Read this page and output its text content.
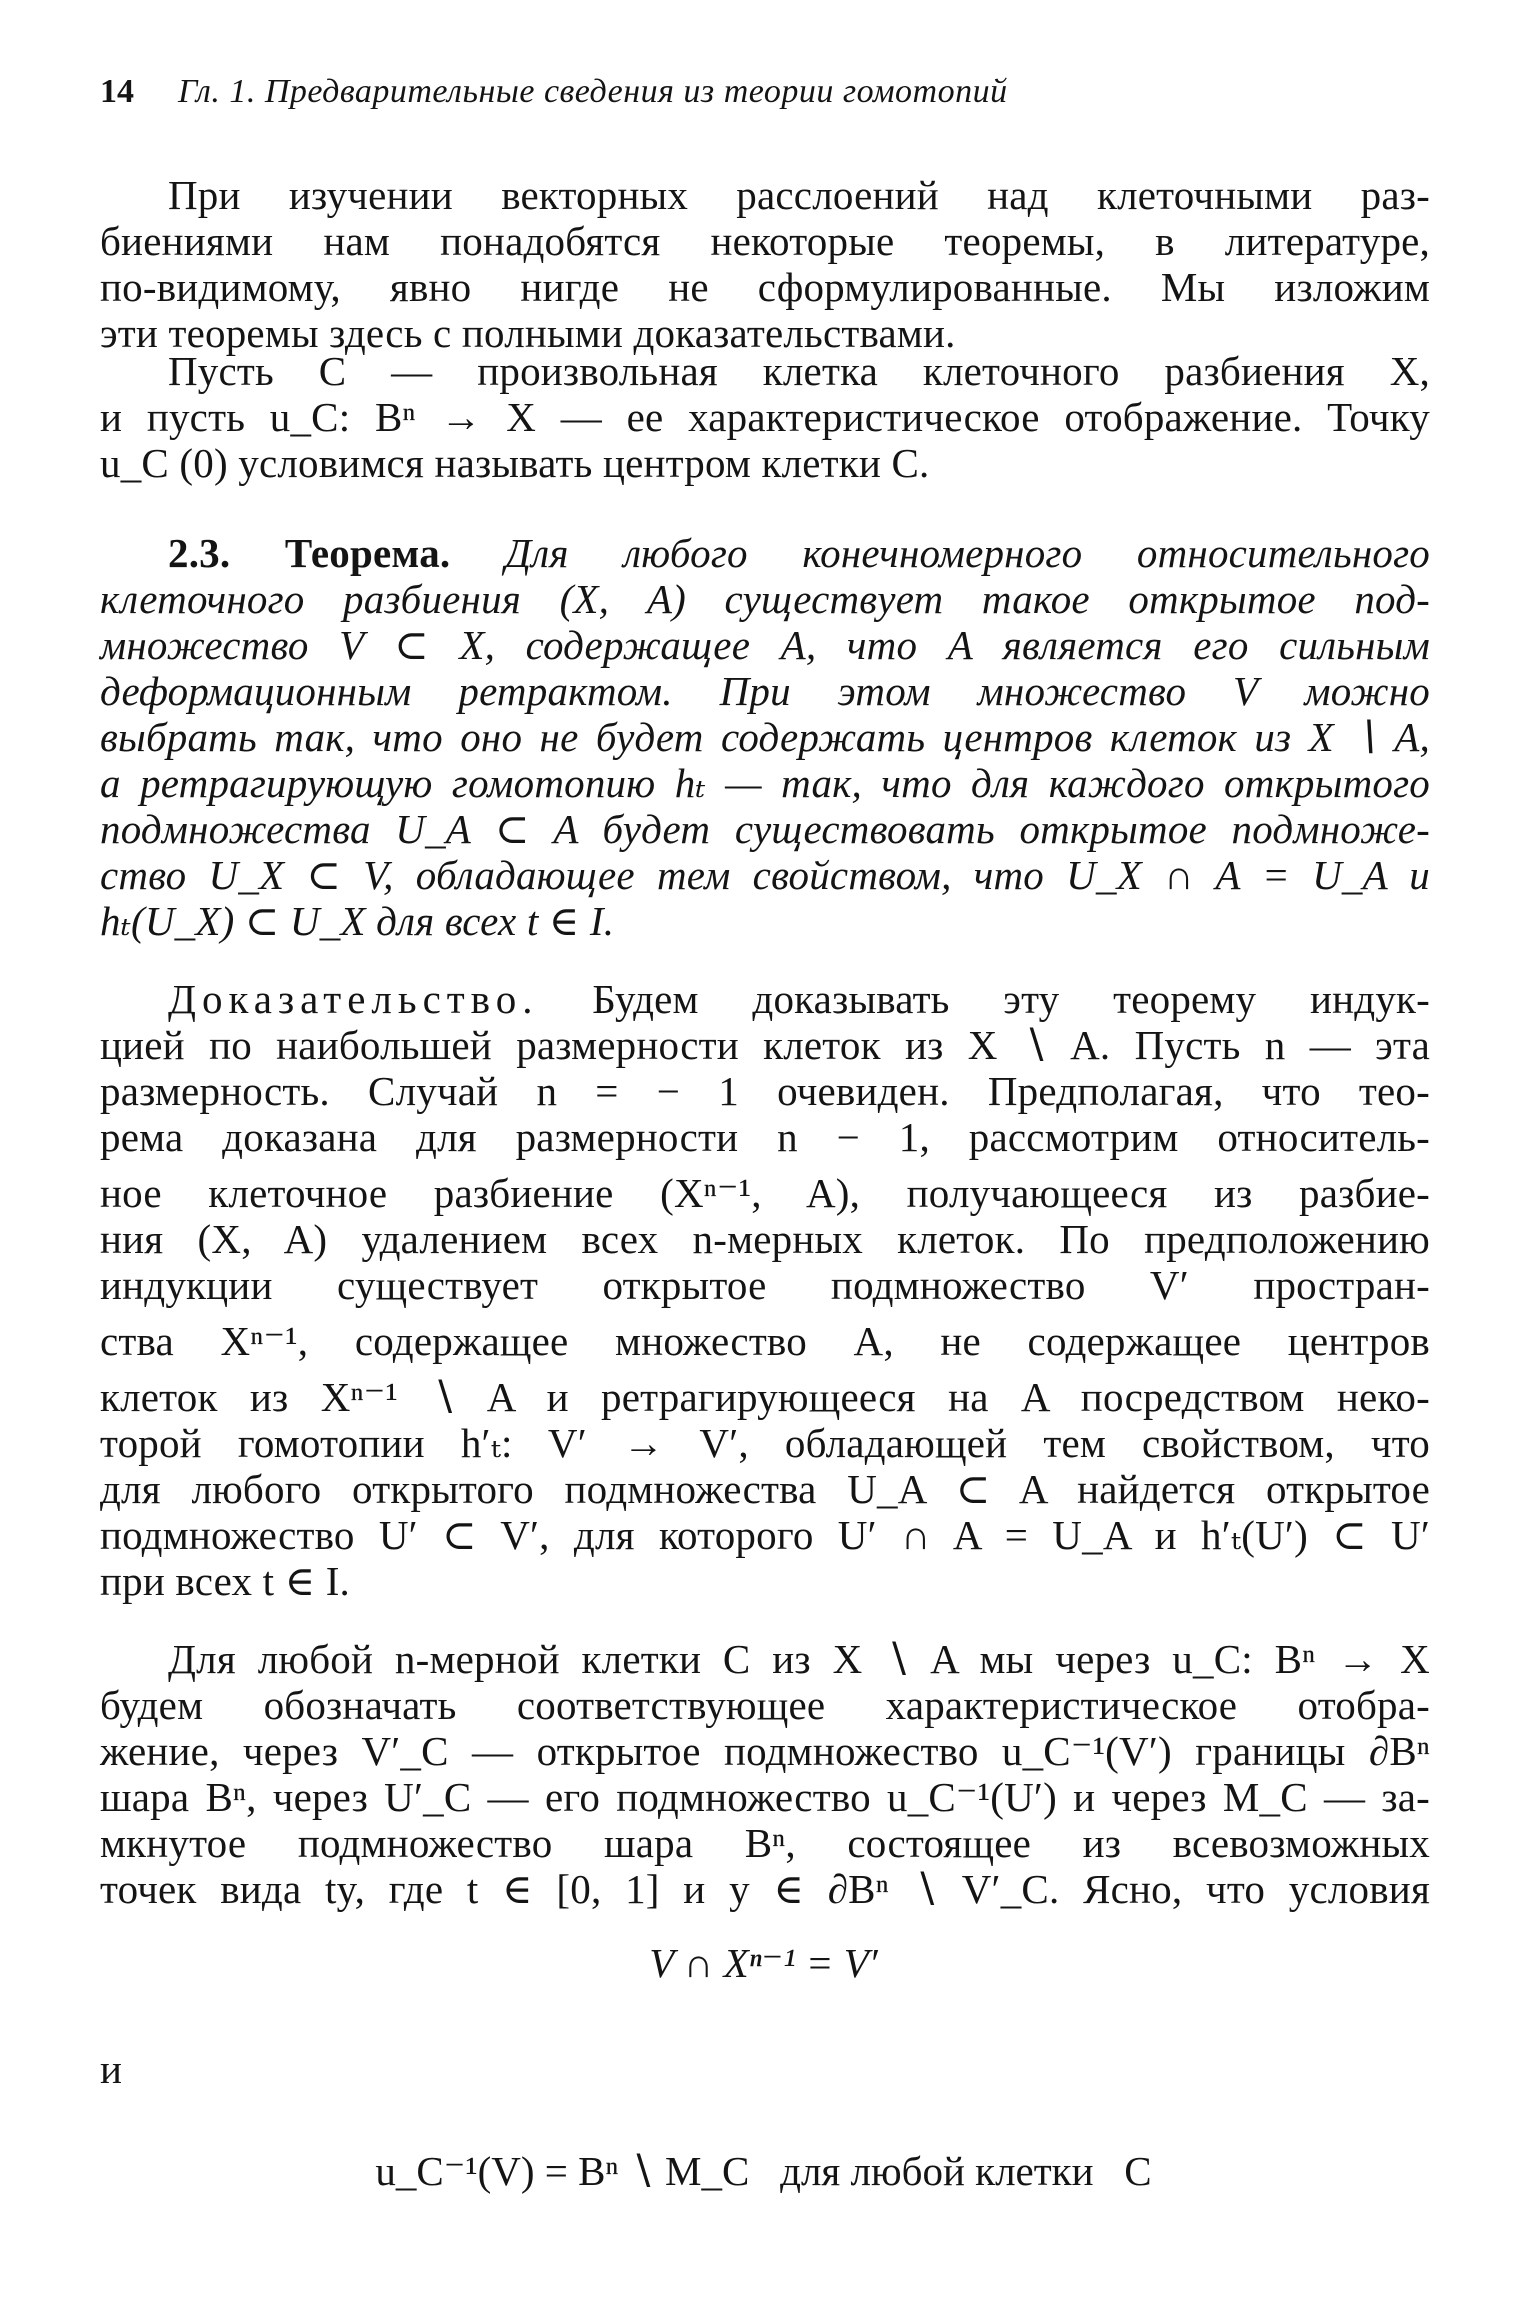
14 Гл. 1. Предварительные сведения из теории гомотопий
При изучении векторных расслоений над клеточными раз-
биениями нам понадобятся некоторые теоремы, в литературе,
по-видимому, явно нигде не сформулированные. Мы изложим
эти теоремы здесь с полными доказательствами.
Пусть C — произвольная клетка клеточного разбиения X,
и пусть u_C: Bⁿ → X — ее характеристическое отображение. Точку
u_C (0) условимся называть центром клетки C.
2.3. Теорема. Для любого конечномерного относительного
клеточного разбиения (X, A) существует такое открытое под-
множество V ⊂ X, содержащее A, что A является его сильным
деформационным ретрактом. При этом множество V можно
выбрать так, что оно не будет содержать центров клеток из X ∖ A,
а ретрагирующую гомотопию hₜ — так, что для каждого открытого
подмножества U_A ⊂ A будет существовать открытое подмноже-
ство U_X ⊂ V, обладающее тем свойством, что U_X ∩ A = U_A и
hₜ(U_X) ⊂ U_X для всех t ∈ I.
Доказательство. Будем доказывать эту теорему индук-
цией по наибольшей размерности клеток из X ∖ A. Пусть n — эта
размерность. Случай n = − 1 очевиден. Предполагая, что тео-
рема доказана для размерности n − 1, рассмотрим относитель-
ное клеточное разбиение (Xⁿ⁻¹, A), получающееся из разбие-
ния (X, A) удалением всех n-мерных клеток. По предположению
индукции существует открытое подмножество V′ простран-
ства Xⁿ⁻¹, содержащее множество A, не содержащее центров
клеток из Xⁿ⁻¹ ∖ A и ретрагирующееся на A посредством неко-
торой гомотопии h′ₜ: V′ → V′, обладающей тем свойством, что
для любого открытого подмножества U_A ⊂ A найдется открытое
подмножество U′ ⊂ V′, для которого U′ ∩ A = U_A и h′ₜ(U′) ⊂ U′
при всех t ∈ I.
Для любой n-мерной клетки C из X ∖ A мы через u_C: Bⁿ → X
будем обозначать соответствующее характеристическое отобра-
жение, через V′_C — открытое подмножество u_C⁻¹(V′) границы ∂Bⁿ
шара Bⁿ, через U′_C — его подмножество u_C⁻¹(U′) и через M_C — за-
мкнутое подмножество шара Bⁿ, состоящее из всевозможных
точек вида ty, где t ∈ [0, 1] и y ∈ ∂Bⁿ ∖ V′_C. Ясно, что условия
V ∩ Xⁿ⁻¹ = V′
и
u_C⁻¹(V) = Bⁿ ∖ M_C   для любой клетки   C
